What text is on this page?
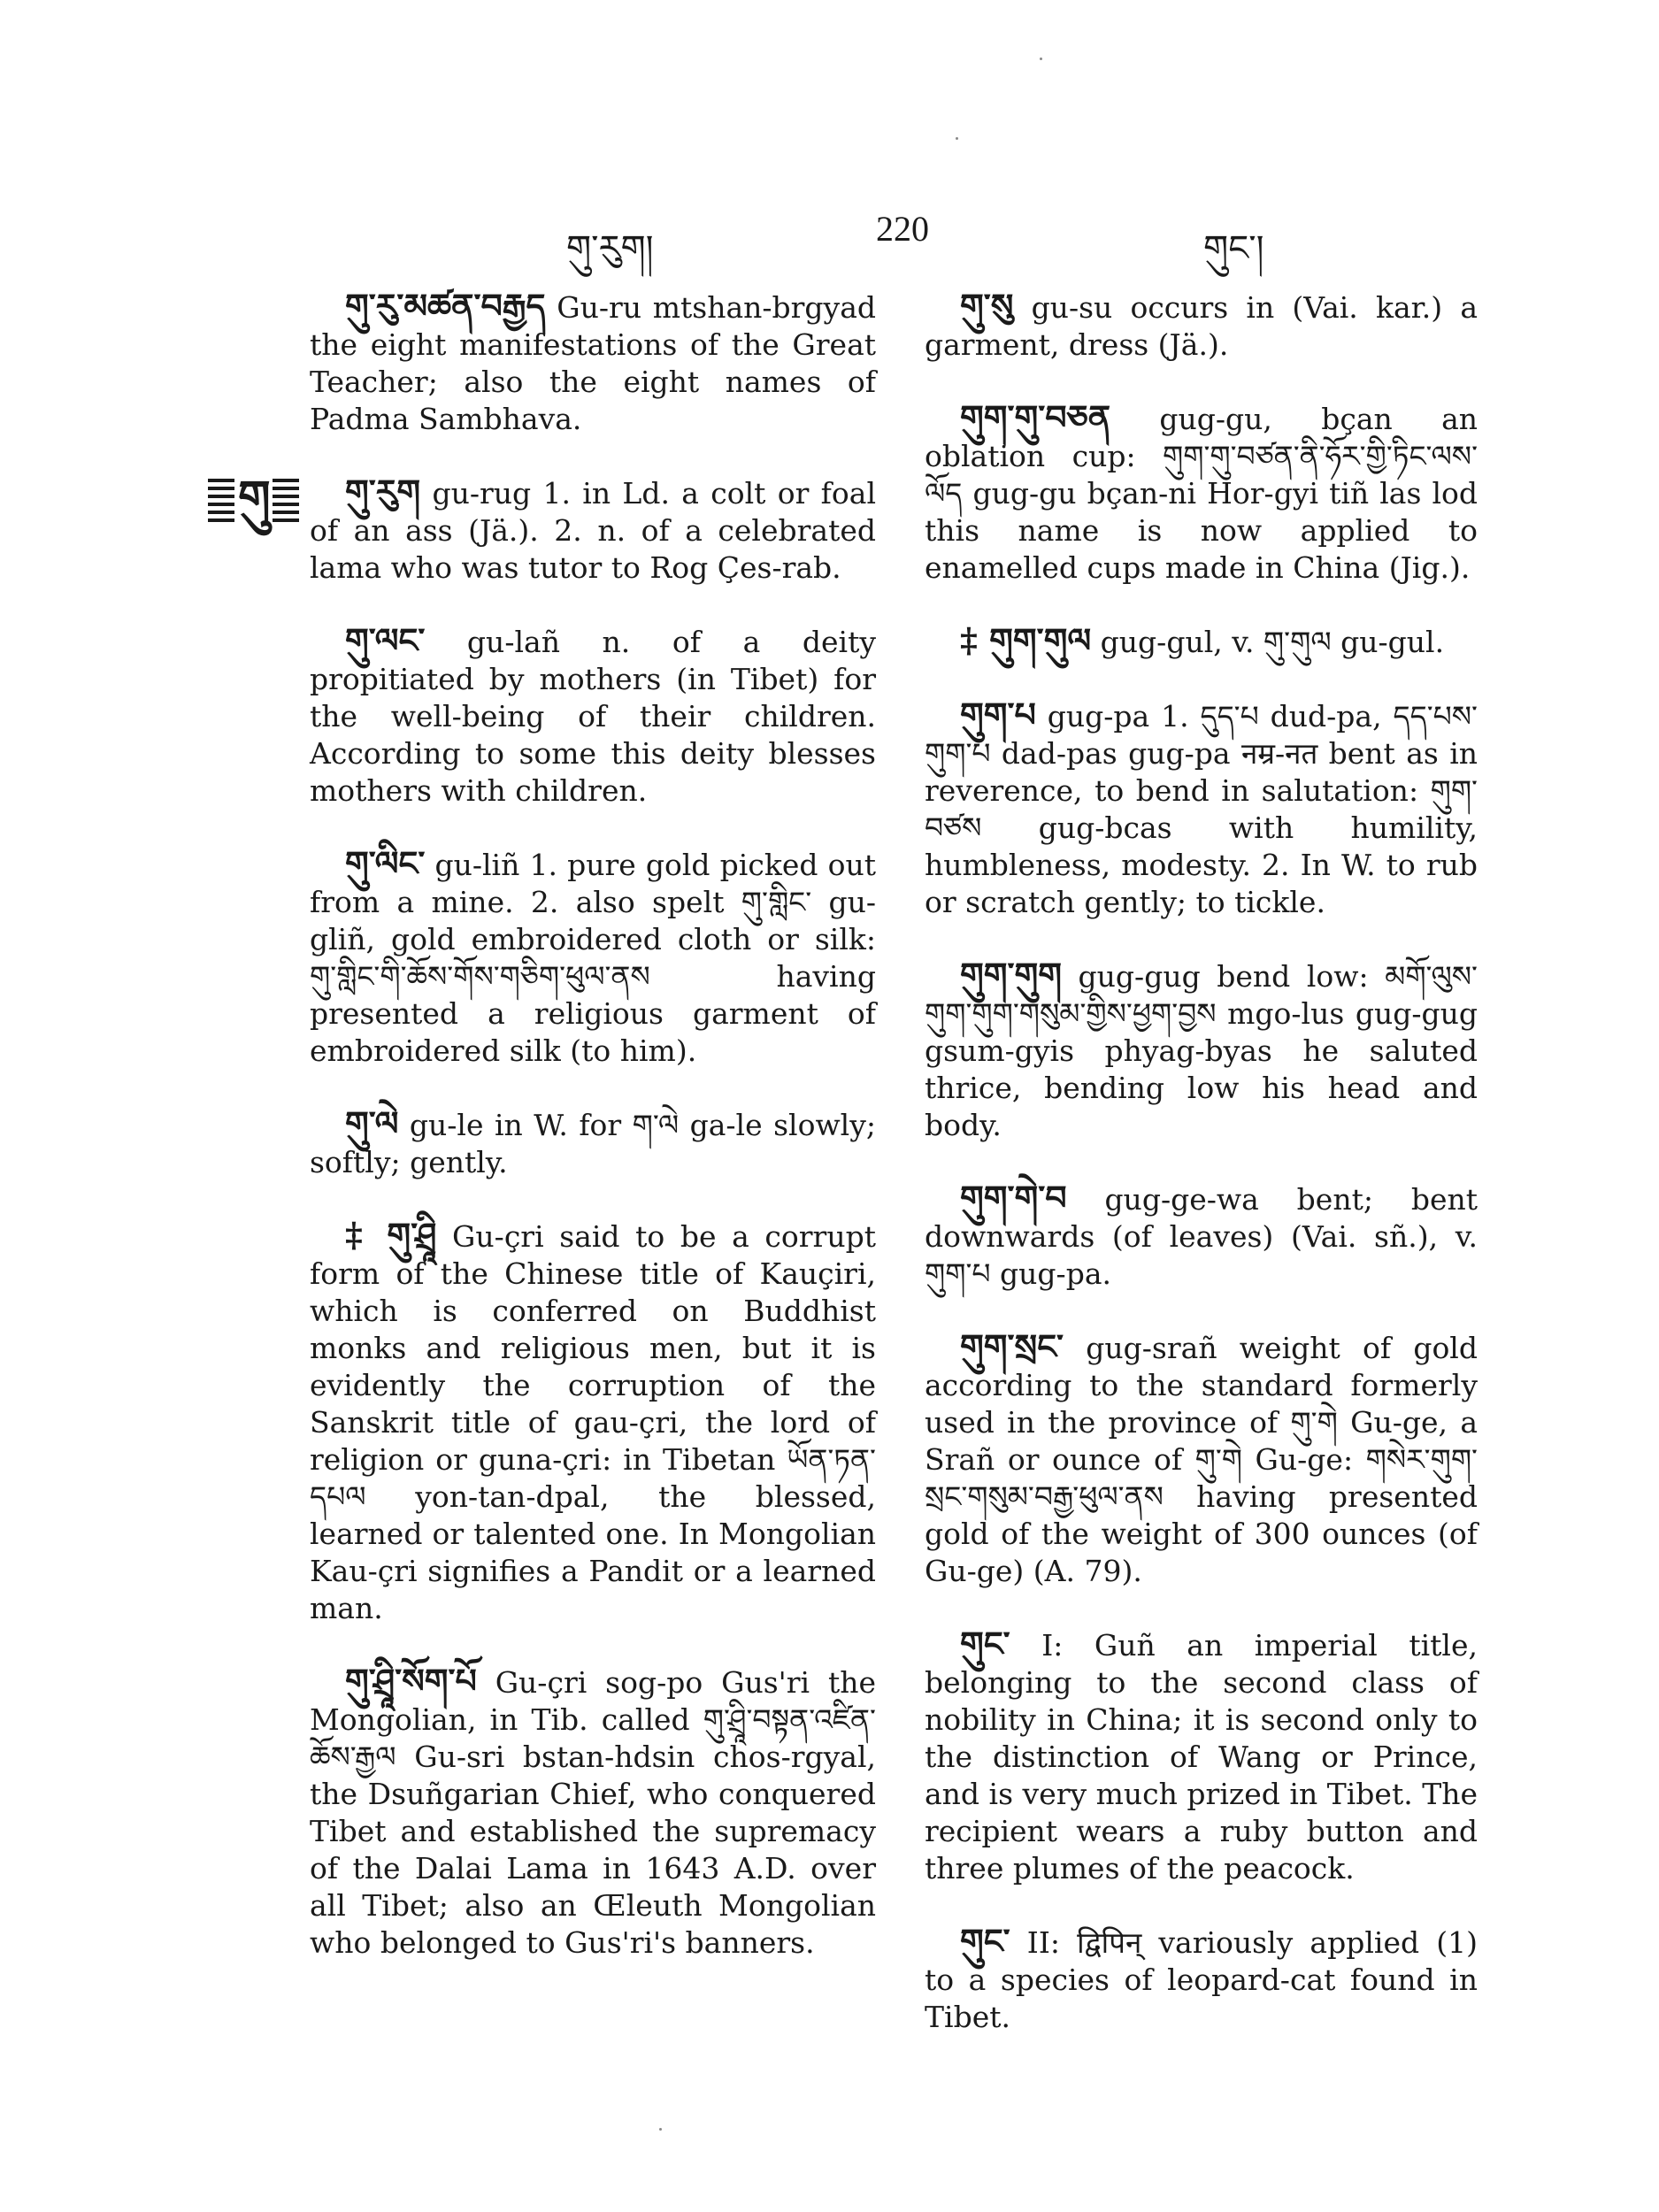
གུ་རུག།	220	གུང་།
གུ

གུ་རུ་མཚན་བརྒྱད Gu-ru mtshan-brgyad the eight manifestations of the Great Teacher; also the eight names of Padma Sambhava.

གུ་རུག gu-rug 1. in Ld. a colt or foal of an ass (Jä.). 2. n. of a celebrated lama who was tutor to Rog Çes-rab.

གུ་ལང་ gu-lañ n. of a deity propitiated by mothers (in Tibet) for the well-being of their children. According to some this deity blesses mothers with children.

གུ་ལིང་ gu-liñ 1. pure gold picked out from a mine. 2. also spelt གུ་གླིང་ gu-gliñ, gold embroidered cloth or silk: གུ་གླིང་གི་ཆོས་གོས་གཅིག་ཕུལ་ནས having presented a religious garment of embroidered silk (to him).

གུ་ལེ gu-le in W. for ག་ལེ ga-le slowly; softly; gently.

‡ གུ་ཤྲཱི Gu-çri said to be a corrupt form of the Chinese title of Kauçiri, which is conferred on Buddhist monks and religious men, but it is evidently the corruption of the Sanskrit title of gau-çri, the lord of religion or guna-çri: in Tibetan ཡོན་ཏན་དཔལ yon-tan-dpal, the blessed, learned or talented one. In Mongolian Kau-çri signifies a Pandit or a learned man.

གུ་ཤྲཱི་སོག་པོ Gu-çri sog-po Gus'ri the Mongolian, in Tib. called གུ་ཤྲཱི་བསྟན་འཛིན་ཆོས་རྒྱལ Gu-sri bstan-hdsin chos-rgyal, the Dsuñgarian Chief, who conquered Tibet and established the supremacy of the Dalai Lama in 1643 A.D. over all Tibet; also an Œleuth Mongolian who belonged to Gus'ri's banners.

གུ་སུ gu-su occurs in (Vai. kar.) a garment, dress (Jä.).

གུག་གུ་བཅན gug-gu, bçan an oblation cup: གུག་གུ་བཙན་ནི་ཧོར་གྱི་ཏིང་ལས་ལོད gug-gu bçan-ni Hor-gyi tiñ las lod this name is now applied to enamelled cups made in China (Jig.).

‡ གུག་གུལ gug-gul, v. གུ་གུལ gu-gul.

གུག་པ gug-pa 1. དུད་པ dud-pa, དད་པས་གུག་པ dad-pas gug-pa नम्र-नत bent as in reverence, to bend in salutation: གུག་བཙས gug-bcas with humility, humbleness, modesty. 2. In W. to rub or scratch gently; to tickle.

གུག་གུག gug-gug bend low: མགོ་ལུས་གུག་གུག་གསུམ་གྱིས་ཕྱག་བྱས mgo-lus gug-gug gsum-gyis phyag-byas he saluted thrice, bending low his head and body.

གུག་གེ་བ gug-ge-wa bent; bent downwards (of leaves) (Vai. sñ.), v. གུག་པ gug-pa.

གུག་སྲང་ gug-srañ weight of gold according to the standard formerly used in the province of གུ་གེ Gu-ge, a Srañ or ounce of གུ་གེ Gu-ge: གསེར་གུག་སྲང་གསུམ་བརྒྱ་ཕུལ་ནས having presented gold of the weight of 300 ounces (of Gu-ge) (A. 79).

གུང་ I: Guñ an imperial title, belonging to the second class of nobility in China; it is second only to the distinction of Wang or Prince, and is very much prized in Tibet. The recipient wears a ruby button and three plumes of the peacock.

གུང་ II: द्विपिन् variously applied (1) to a species of leopard-cat found in Tibet.
